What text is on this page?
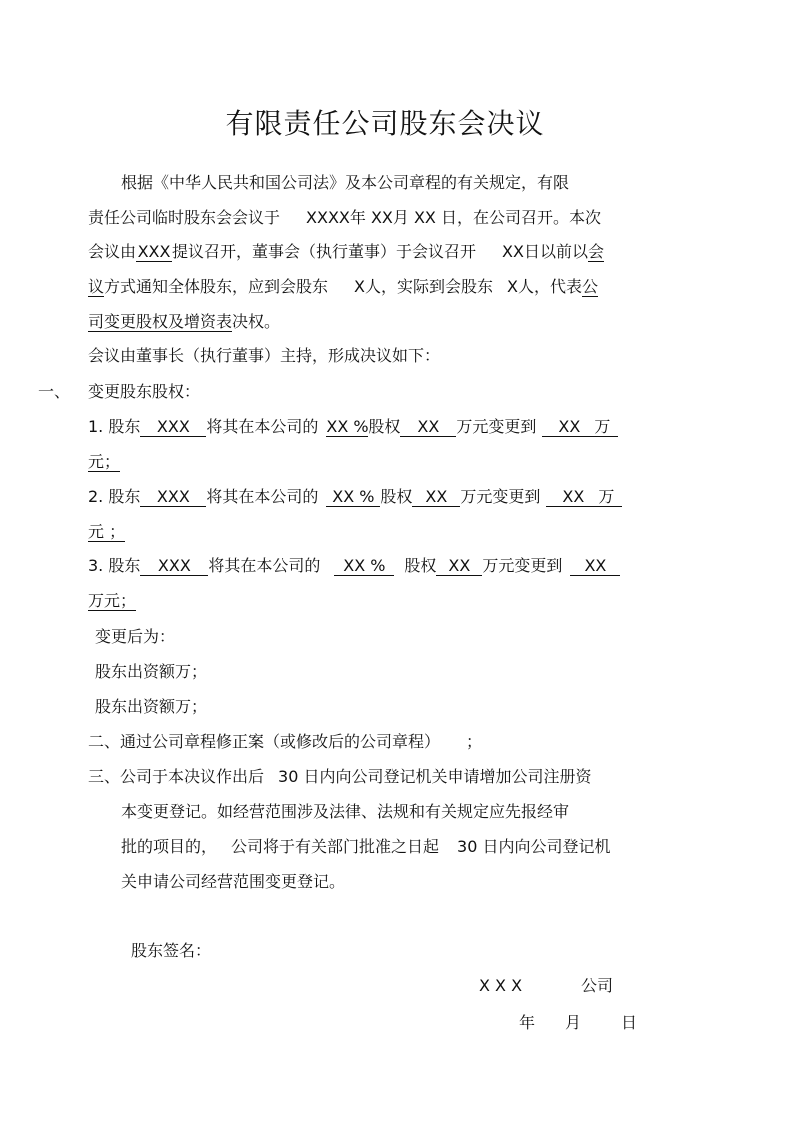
有限责任公司股东会决议
根据《中华人民共和国公司法》及本公司章程的有关规定，有限
责任公司临时股东会会议于 XXXX年 XX月 XX 日，在公司召开。本次
会议由XXX提议召开，董事会（执行董事）于会议召开 XX日以前以会
议方式通知全体股东，应到会股东 X人，实际到会股东 X人，代表公
司变更股权及增资表决权。
会议由董事长（执行董事）主持，形成决议如下：
一、 变更股东股权：
1. 股东 XXX 将其在本公司的 XX %股权 XX 万元变更到 XX 万
元；
2. 股东 XXX 将其在本公司的 XX % 股权 XX 万元变更到 XX 万
元 ；
3. 股东 XXX 将其在本公司的 XX % 股权 XX 万元变更到 XX
万元；
变更后为：
股东出资额万；
股东出资额万；
二、通过公司章程修正案（或修改后的公司章程） ；
三、公司于本决议作出后 30 日内向公司登记机关申请增加公司注册资
本变更登记。如经营范围涉及法律、法规和有关规定应先报经审
批的项目的， 公司将于有关部门批准之日起 30 日内向公司登记机
关申请公司经营范围变更登记。
股东签名：
X X X	公司
年 月 日
